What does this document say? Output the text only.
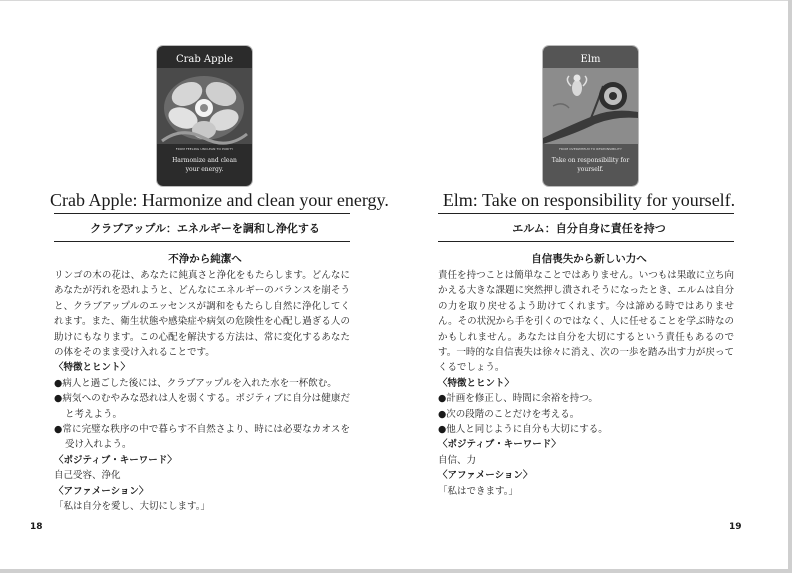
Crab Apple
FROM FEELING UNCLEAN TO PURITY
Harmonize and clean your energy.
Crab Apple: Harmonize and clean your energy.
クラブアップル：エネルギーを調和し浄化する
不浄から純潔へ

リンゴの木の花は、あなたに純真さと浄化をもたらします。どんなにあなたが汚れを恐れようと、どんなにエネルギーのバランスを崩そうと、クラブアップルのエッセンスが調和をもたらし自然に浄化してくれます。また、衛生状態や感染症や病気の危険性を心配し過ぎる人の助けにもなります。この心配を解決する方法は、常に変化するあなたの体をそのまま受け入れることです。

〈特徴とヒント〉

●病人と過ごした後には、クラブアップルを入れた水を一杯飲む。

●病気へのむやみな恐れは人を弱くする。ポジティブに自分は健康だと考えよう。

●常に完璧な秩序の中で暮らす不自然さより、時には必要なカオスを受け入れよう。

〈ポジティブ・キーワード〉

自己受容、浄化

〈アファメーション〉

「私は自分を愛し、大切にします。」

18
Elm
FROM OVERWHELM TO RESPONSIBILITY
Take on responsibility for yourself.
Elm: Take on responsibility for yourself.
エルム：自分自身に責任を持つ
自信喪失から新しい力へ

責任を持つことは簡単なことではありません。いつもは果敢に立ち向かえる大きな課題に突然押し潰されそうになったとき、エルムは自分の力を取り戻せるよう助けてくれます。今は諦める時ではありません。その状況から手を引くのではなく、人に任せることを学ぶ時なのかもしれません。あなたは自分を大切にするという責任もあるのです。一時的な自信喪失は徐々に消え、次の一歩を踏み出す力が戻ってくるでしょう。

〈特徴とヒント〉

●計画を修正し、時間に余裕を持つ。

●次の段階のことだけを考える。

●他人と同じように自分も大切にする。

〈ポジティブ・キーワード〉

自信、力

〈アファメーション〉

「私はできます。」

19
